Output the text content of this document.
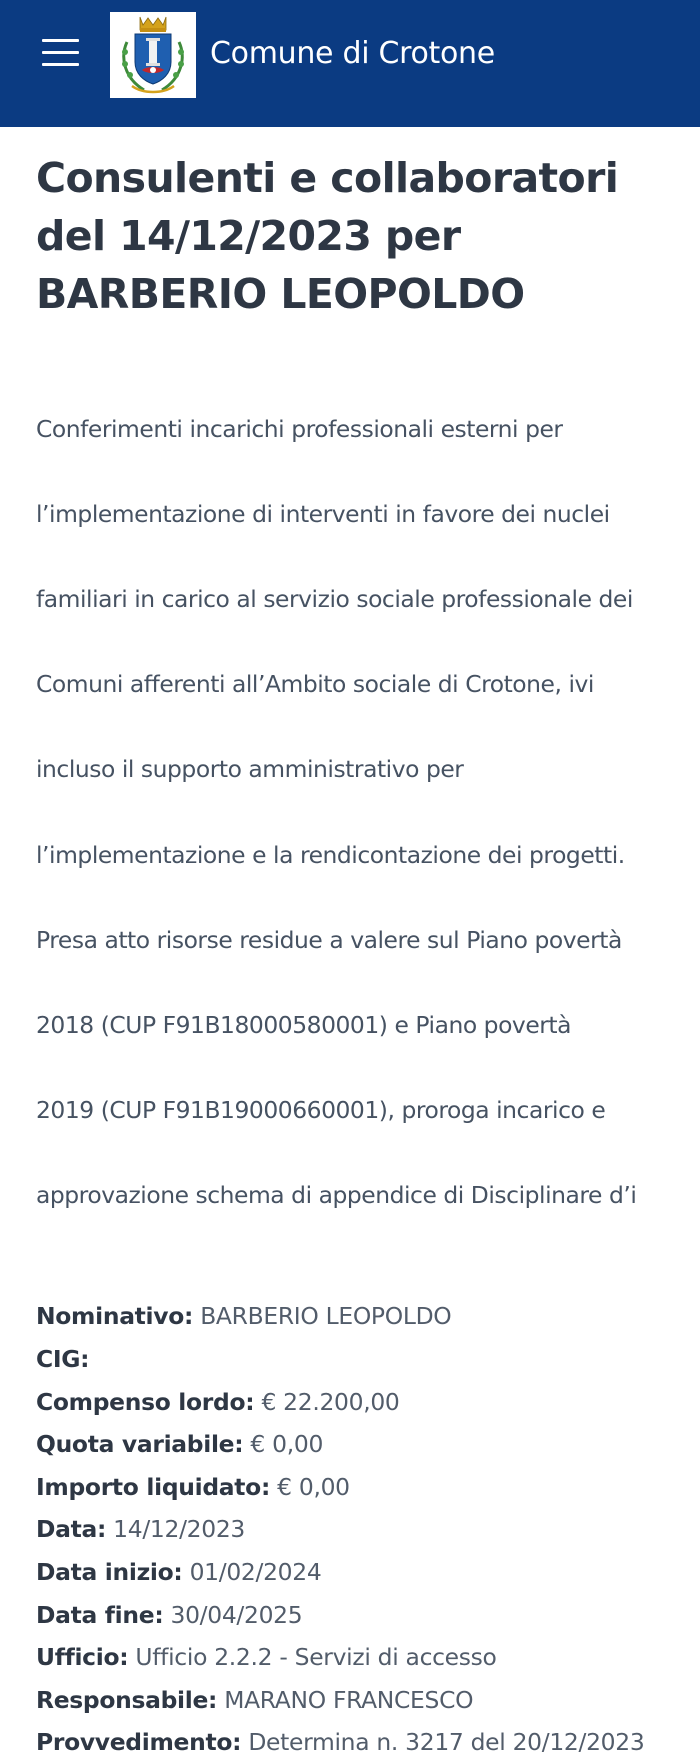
Comune di Crotone
Consulenti e collaboratori del 14/12/2023 per BARBERIO LEOPOLDO

Conferimenti incarichi professionali esterni per

l’implementazione di interventi in favore dei nuclei

familiari in carico al servizio sociale professionale dei

Comuni afferenti all’Ambito sociale di Crotone, ivi

incluso il supporto amministrativo per

l’implementazione e la rendicontazione dei progetti.

Presa atto risorse residue a valere sul Piano povertà

2018 (CUP F91B18000580001) e Piano povertà

2019 (CUP F91B19000660001), proroga incarico e

approvazione schema di appendice di Disciplinare d’i

Nominativo: BARBERIO LEOPOLDO
CIG:
Compenso lordo: € 22.200,00
Quota variabile: € 0,00
Importo liquidato: € 0,00
Data: 14/12/2023
Data inizio: 01/02/2024
Data fine: 30/04/2025
Ufficio: Ufficio 2.2.2 - Servizi di accesso
Responsabile: MARANO FRANCESCO
Provvedimento: Determina n. 3217 del 20/12/2023
